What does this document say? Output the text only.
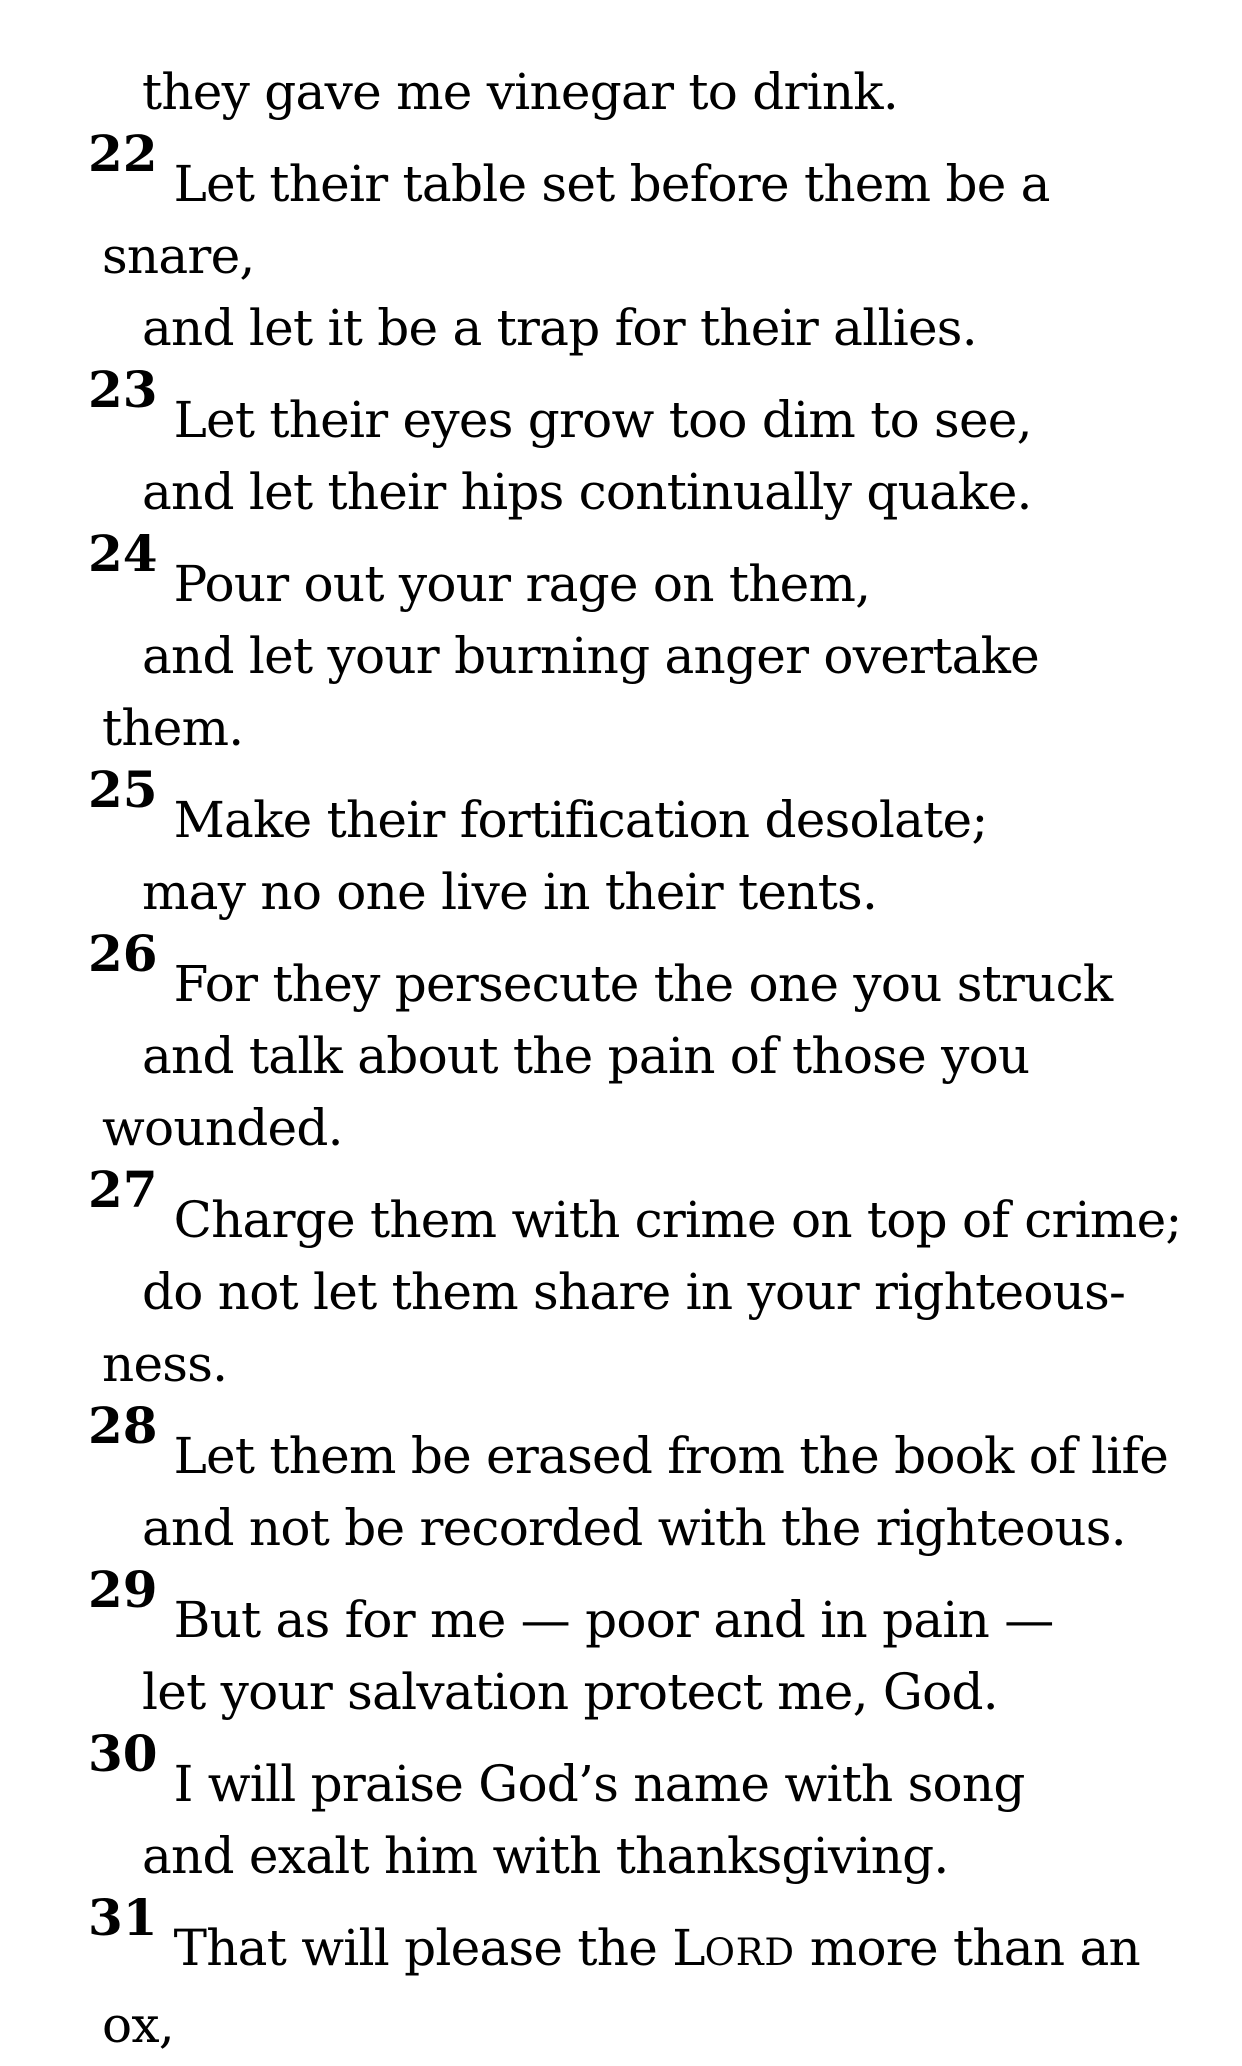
they gave me vinegar to drink.
22Let their table set before them be a
snare,
and let it be a trap for their allies.
23Let their eyes grow too dim to see,
and let their hips continually quake.
24Pour out your rage on them,
and let your burning anger overtake
them.
25Make their fortification desolate;
may no one live in their tents.
26For they persecute the one you struck
and talk about the pain of those you
wounded.
27Charge them with crime on top of crime;
do not let them share in your righteous-
ness.
28Let them be erased from the book of life
and not be recorded with the righteous.
29But as for me — poor and in pain —
let your salvation protect me, God.
30I will praise God’s name with song
and exalt him with thanksgiving.
31That will please the LORD more than an
ox,
